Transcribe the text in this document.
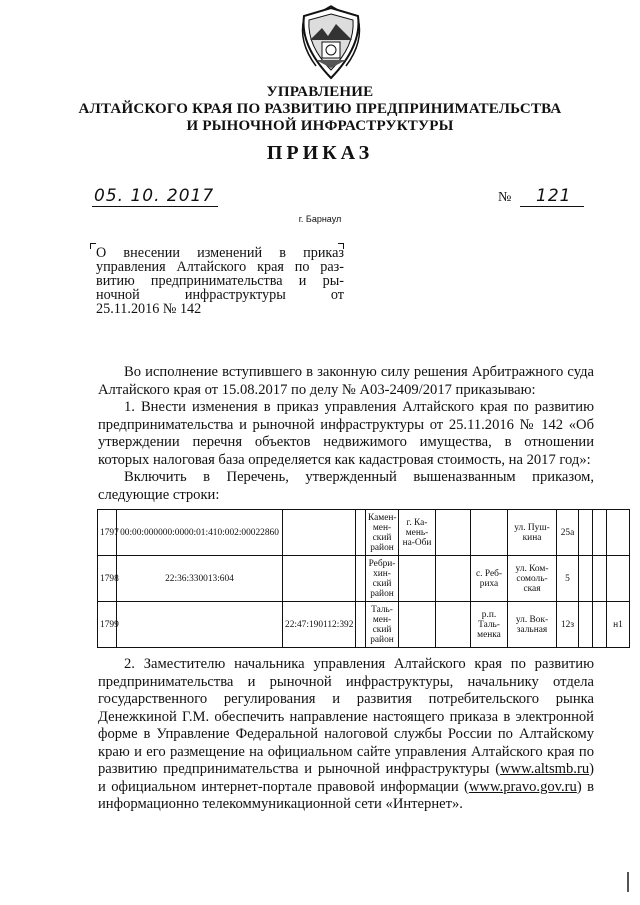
УПРАВЛЕНИЕ
АЛТАЙСКОГО КРАЯ ПО РАЗВИТИЮ ПРЕДПРИНИМАТЕЛЬСТВА
И РЫНОЧНОЙ ИНФРАСТРУКТУРЫ
ПРИКАЗ
05. 10. 2017	№ 121
г. Барнаул
О внесении изменений в приказ
управления Алтайского края по раз-
витию предпринимательства и ры-
ночной инфраструктуры от
25.11.2016 № 142

Во исполнение вступившего в законную силу решения Арбитражного суда Алтайского края от 15.08.2017 по делу № А03-2409/2017 приказываю:

1. Внести изменения в приказ управления Алтайского края по развитию предпринимательства и рыночной инфраструктуры от 25.11.2016 № 142 «Об утверждении перечня объектов недвижимого имущества, в отношении которых налоговая база определяется как кадастровая стоимость, на 2017 год»:

Включить в Перечень, утвержденный вышеназванным приказом, следующие строки:

1797	00:00:000000:0000:01:410:002:00022860			Камен-мен-ский район	г. Ка-мень-на-Оби			ул. Пуш-кина	25а			
1798	22:36:330013:604			Ребри-хин-ский район			с. Реб-риха	ул. Ком-сомоль-ская	5			
1799		22:47:190112:392		Таль-мен-ский район			р.п. Таль-менка	ул. Вок-зальная	12з			н1

2. Заместителю начальника управления Алтайского края по развитию предпринимательства и рыночной инфраструктуры, начальнику отдела государственного регулирования и развития потребительского рынка Денежкиной Г.М. обеспечить направление настоящего приказа в электронной форме в Управление Федеральной налоговой службы России по Алтайскому краю и его размещение на официальном сайте управления Алтайского края по развитию предпринимательства и рыночной инфраструктуры (www.altsmb.ru) и официальном интернет-портале правовой информации (www.pravo.gov.ru) в информационно телекоммуникационной сети «Интернет».
